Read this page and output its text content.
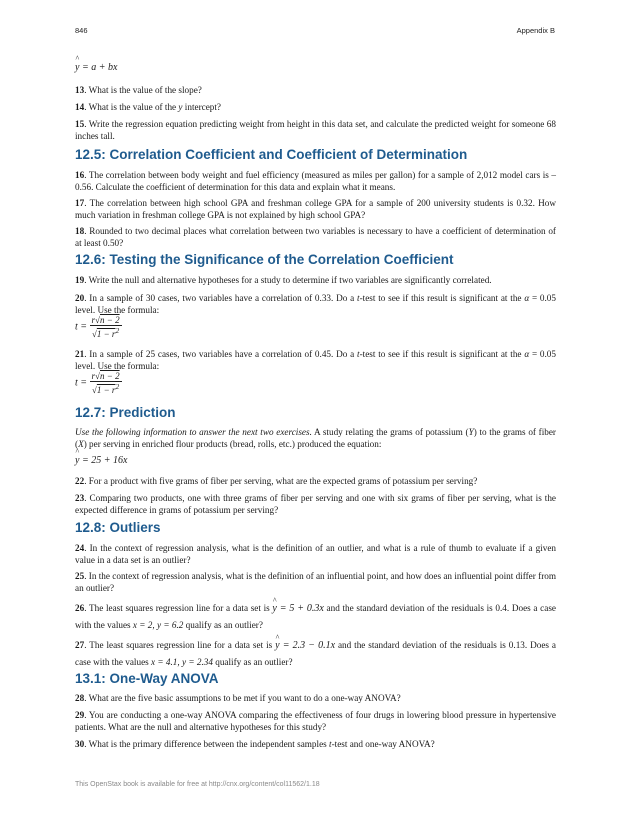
846	Appendix B
^ y = a + bx

13. What is the value of the slope?

14. What is the value of the y intercept?

15. Write the regression equation predicting weight from height in this data set, and calculate the predicted weight for someone 68 inches tall.

12.5: Correlation Coefficient and Coefficient of Determination

16. The correlation between body weight and fuel efficiency (measured as miles per gallon) for a sample of 2,012 model cars is –0.56. Calculate the coefficient of determination for this data and explain what it means.

17. The correlation between high school GPA and freshman college GPA for a sample of 200 university students is 0.32. How much variation in freshman college GPA is not explained by high school GPA?

18. Rounded to two decimal places what correlation between two variables is necessary to have a coefficient of determination of at least 0.50?

12.6: Testing the Significance of the Correlation Coefficient

19. Write the null and alternative hypotheses for a study to determine if two variables are significantly correlated.

20. In a sample of 30 cases, two variables have a correlation of 0.33. Do a t-test to see if this result is significant at the α = 0.05 level. Use the formula:

$t = \frac{r√n - 2}{√1 - r^2}$

21. In a sample of 25 cases, two variables have a correlation of 0.45. Do a t-test to see if this result is significant at the α = 0.05 level. Use the formula:

$t = \frac{r√n - 2}{√1 - r^2}$
12.7: Prediction

Use the following information to answer the next two exercises. A study relating the grams of potassium (Y) to the grams of fiber (X) per serving in enriched flour products (bread, rolls, etc.) produced the equation:

^ y = 25 + 16x

22. For a product with five grams of fiber per serving, what are the expected grams of potassium per serving?

23. Comparing two products, one with three grams of fiber per serving and one with six grams of fiber per serving, what is the expected difference in grams of potassium per serving?

12.8: Outliers

24. In the context of regression analysis, what is the definition of an outlier, and what is a rule of thumb to evaluate if a given value in a data set is an outlier?

25. In the context of regression analysis, what is the definition of an influential point, and how does an influential point differ from an outlier?

26. The least squares regression line for a data set is ^ y = 5 + 0.3x and the standard deviation of the residuals is 0.4. Does a case with the values x = 2, y = 6.2 qualify as an outlier?

27. The least squares regression line for a data set is ^ y = 2.3 − 0.1x and the standard deviation of the residuals is 0.13. Does a case with the values x = 4.1, y = 2.34 qualify as an outlier?

13.1: One-Way ANOVA

28. What are the five basic assumptions to be met if you want to do a one-way ANOVA?

29. You are conducting a one-way ANOVA comparing the effectiveness of four drugs in lowering blood pressure in hypertensive patients. What are the null and alternative hypotheses for this study?

30. What is the primary difference between the independent samples t-test and one-way ANOVA?

This OpenStax book is available for free at http://cnx.org/content/col11562/1.18
